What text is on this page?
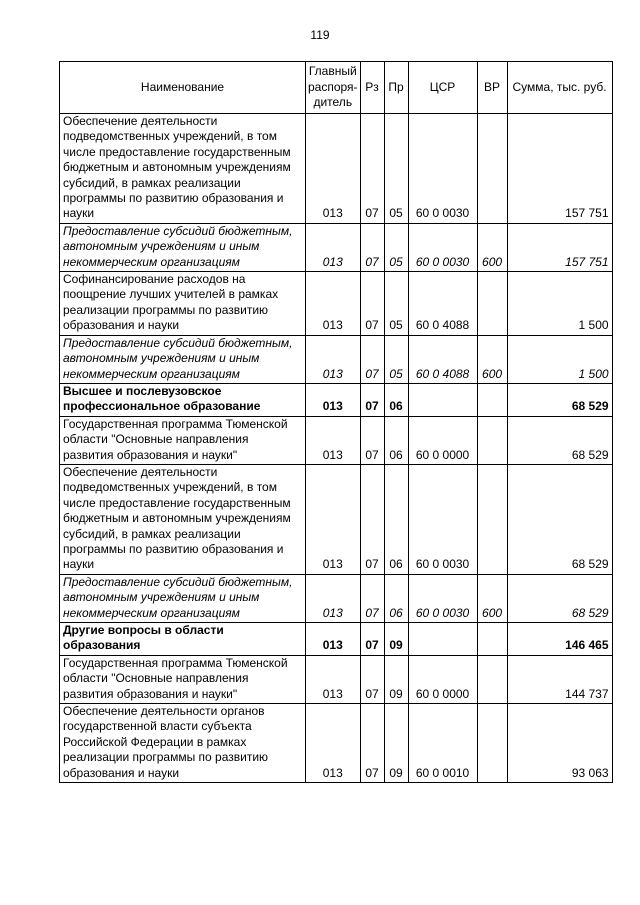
119
Наименование	Главный распоря-дитель	Рз	Пр	ЦСР	ВР	Сумма, тыс. руб.
Обеспечение деятельности подведомственных учреждений, в том числе предоставление государственным бюджетным и автономным учреждениям субсидий, в рамках реализации программы по развитию образования и науки	013	07	05	60 0 0030		157 751
Предоставление субсидий бюджетным, автономным учреждениям и иным некоммерческим организациям	013	07	05	60 0 0030	600	157 751
Софинансирование расходов на поощрение лучших учителей в рамках реализации программы по развитию образования и науки	013	07	05	60 0 4088		1 500
Предоставление субсидий бюджетным, автономным учреждениям и иным некоммерческим организациям	013	07	05	60 0 4088	600	1 500
Высшее и послевузовское профессиональное образование	013	07	06			68 529
Государственная программа Тюменской области "Основные направления развития образования и науки"	013	07	06	60 0 0000		68 529
Обеспечение деятельности подведомственных учреждений, в том числе предоставление государственным бюджетным и автономным учреждениям субсидий, в рамках реализации программы по развитию образования и науки	013	07	06	60 0 0030		68 529
Предоставление субсидий бюджетным, автономным учреждениям и иным некоммерческим организациям	013	07	06	60 0 0030	600	68 529
Другие вопросы в области образования	013	07	09			146 465
Государственная программа Тюменской области "Основные направления развития образования и науки"	013	07	09	60 0 0000		144 737
Обеспечение деятельности органов государственной власти субъекта Российской Федерации в рамках реализации программы по развитию образования и науки	013	07	09	60 0 0010		93 063
